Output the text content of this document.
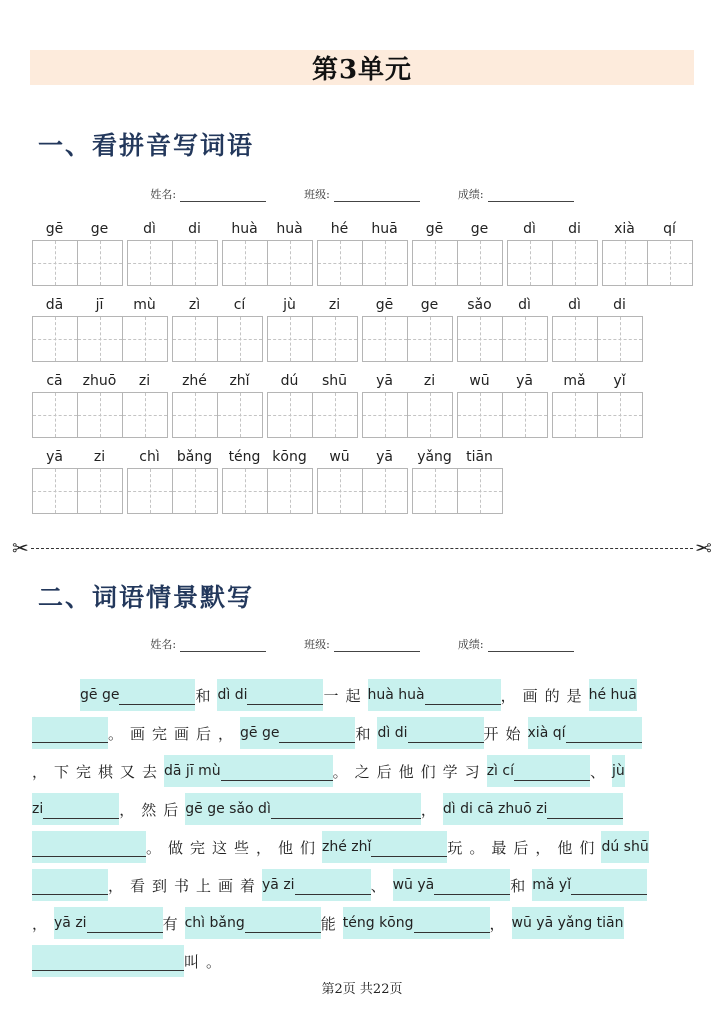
第3单元
一、看拼音写词语
姓名:	班级:	成绩:
gē	ge	dì	di	huà	huà	hé	huā	gē	ge	dì	di	xià	qí
dā	jī	mù	zì	cí	jù	zi	gē	ge	sǎo	dì	dì	di
cā	zhuō	zi	zhé	zhǐ	dú	shū	yā	zi	wū	yā	mǎ	yǐ
yā	zi	chì	bǎng	téng kōng	wū	yā	yǎng	tiān
✂	✂
二、词语情景默写
姓名:	班级:	成绩:
gē ge	和 dì di	一起 huà huà	，画的是 hé huā
。画完画后， gē ge	和 dì di	开始 xià qí
，下完棋又去 dā jī mù	。之后他们学习 zì cí	、 jù
zi	，然后 gē ge sǎo dì	， dì di cā zhuō zi
。做完这些，他们 zhé zhǐ	玩。最后，他们 dú shū
，看到书上画着 yā zi	、 wū yā	和 mǎ yǐ
， yā zi	有 chì bǎng	能 téng kōng	， wū yā yǎng tiān
叫。
第2页 共22页
